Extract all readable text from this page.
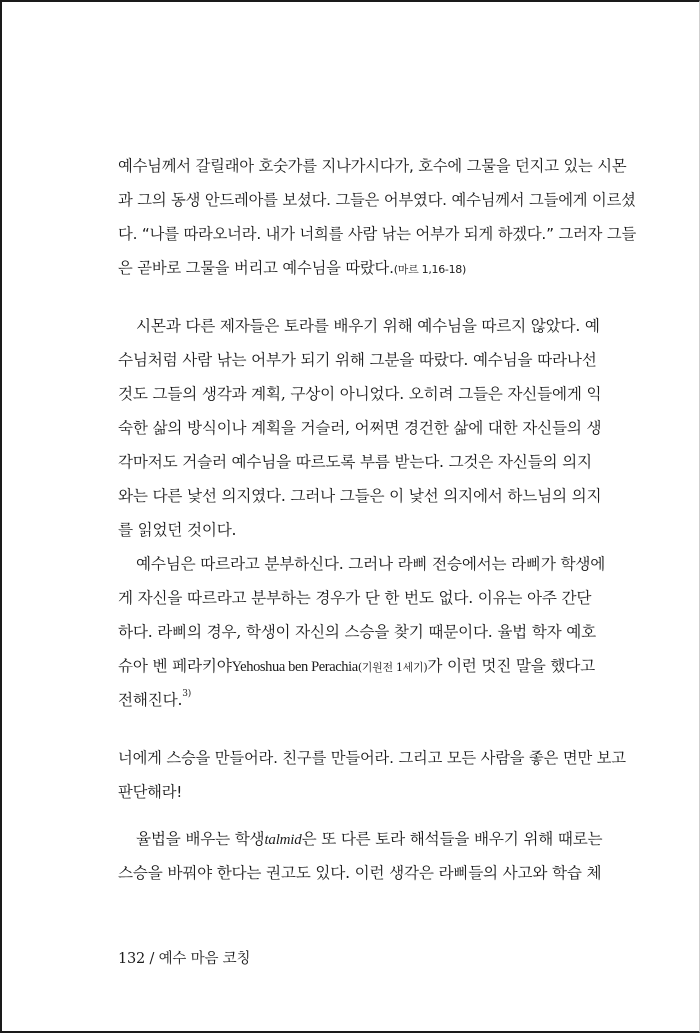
예수님께서 갈릴래아 호숫가를 지나가시다가, 호수에 그물을 던지고 있는 시몬
과 그의 동생 안드레아를 보셨다. 그들은 어부였다. 예수님께서 그들에게 이르셨
다. “나를 따라오너라. 내가 너희를 사람 낚는 어부가 되게 하겠다.” 그러자 그들
은 곧바로 그물을 버리고 예수님을 따랐다.(마르 1,16-18)
시몬과 다른 제자들은 토라를 배우기 위해 예수님을 따르지 않았다. 예
수님처럼 사람 낚는 어부가 되기 위해 그분을 따랐다. 예수님을 따라나선
것도 그들의 생각과 계획, 구상이 아니었다. 오히려 그들은 자신들에게 익
숙한 삶의 방식이나 계획을 거슬러, 어쩌면 경건한 삶에 대한 자신들의 생
각마저도 거슬러 예수님을 따르도록 부름 받는다. 그것은 자신들의 의지
와는 다른 낯선 의지였다. 그러나 그들은 이 낯선 의지에서 하느님의 의지
를 읽었던 것이다.
예수님은 따르라고 분부하신다. 그러나 라삐 전승에서는 라삐가 학생에
게 자신을 따르라고 분부하는 경우가 단 한 번도 없다. 이유는 아주 간단
하다. 라삐의 경우, 학생이 자신의 스승을 찾기 때문이다. 율법 학자 예호
슈아 벤 페라키야Yehoshua ben Perachia(기원전 1세기)가 이런 멋진 말을 했다고
전해진다.$^{3)}$
너에게 스승을 만들어라. 친구를 만들어라. 그리고 모든 사람을 좋은 면만 보고
판단해라!
율법을 배우는 학생talmid은 또 다른 토라 해석들을 배우기 위해 때로는
스승을 바꿔야 한다는 권고도 있다. 이런 생각은 라삐들의 사고와 학습 체
132 / 예수 마음 코칭
